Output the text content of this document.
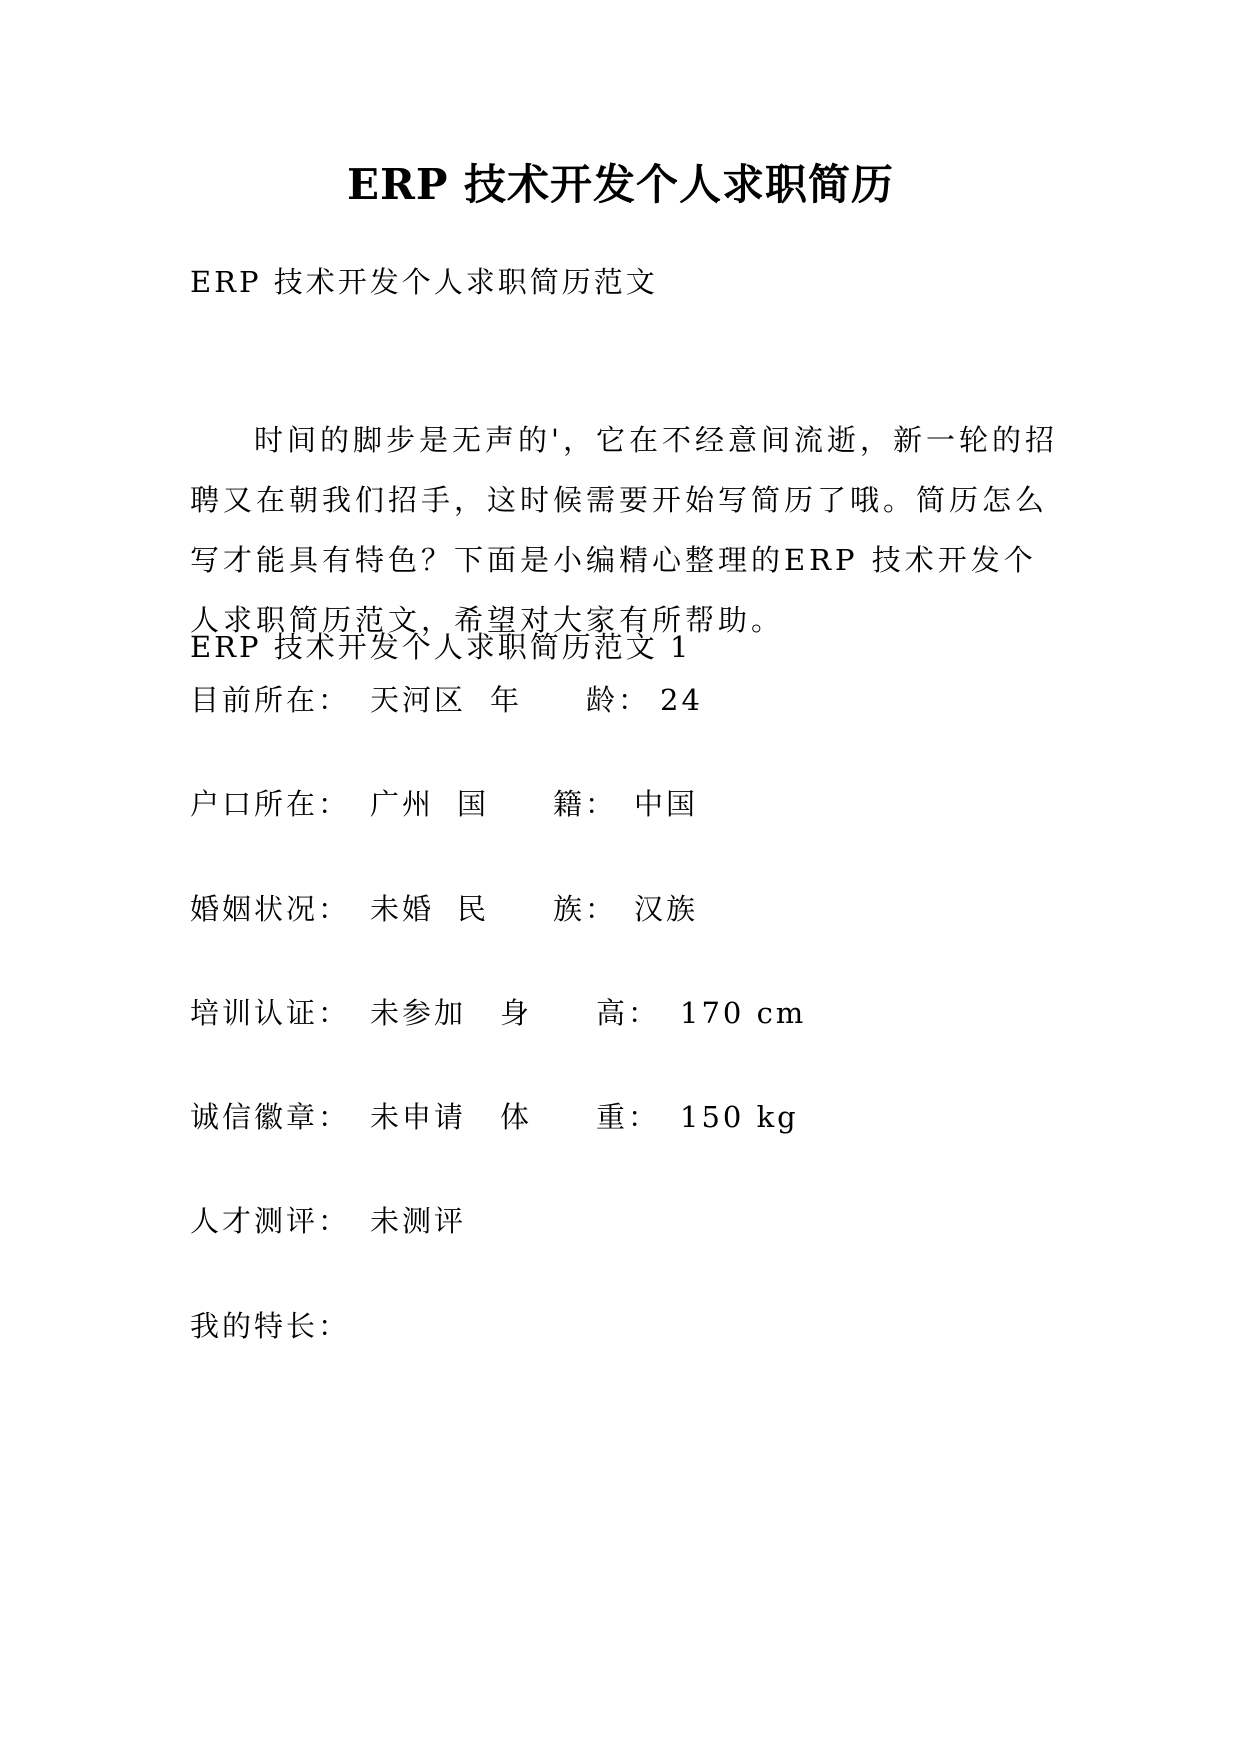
ERP 技术开发个人求职简历
ERP 技术开发个人求职简历范文
时间的脚步是无声的'，它在不经意间流逝，新一轮的招聘又在朝我们招手，这时候需要开始写简历了哦。简历怎么写才能具有特色？下面是小编精心整理的ERP 技术开发个人求职简历范文，希望对大家有所帮助。
ERP 技术开发个人求职简历范文 1
目前所在： 天河区 年　　龄： 24
户口所在： 广州 国　　籍： 中国
婚姻状况： 未婚 民　　族： 汉族
培训认证： 未参加 身　　高： 170 cm
诚信徽章： 未申请 体　　重： 150 kg
人才测评： 未测评
我的特长：
